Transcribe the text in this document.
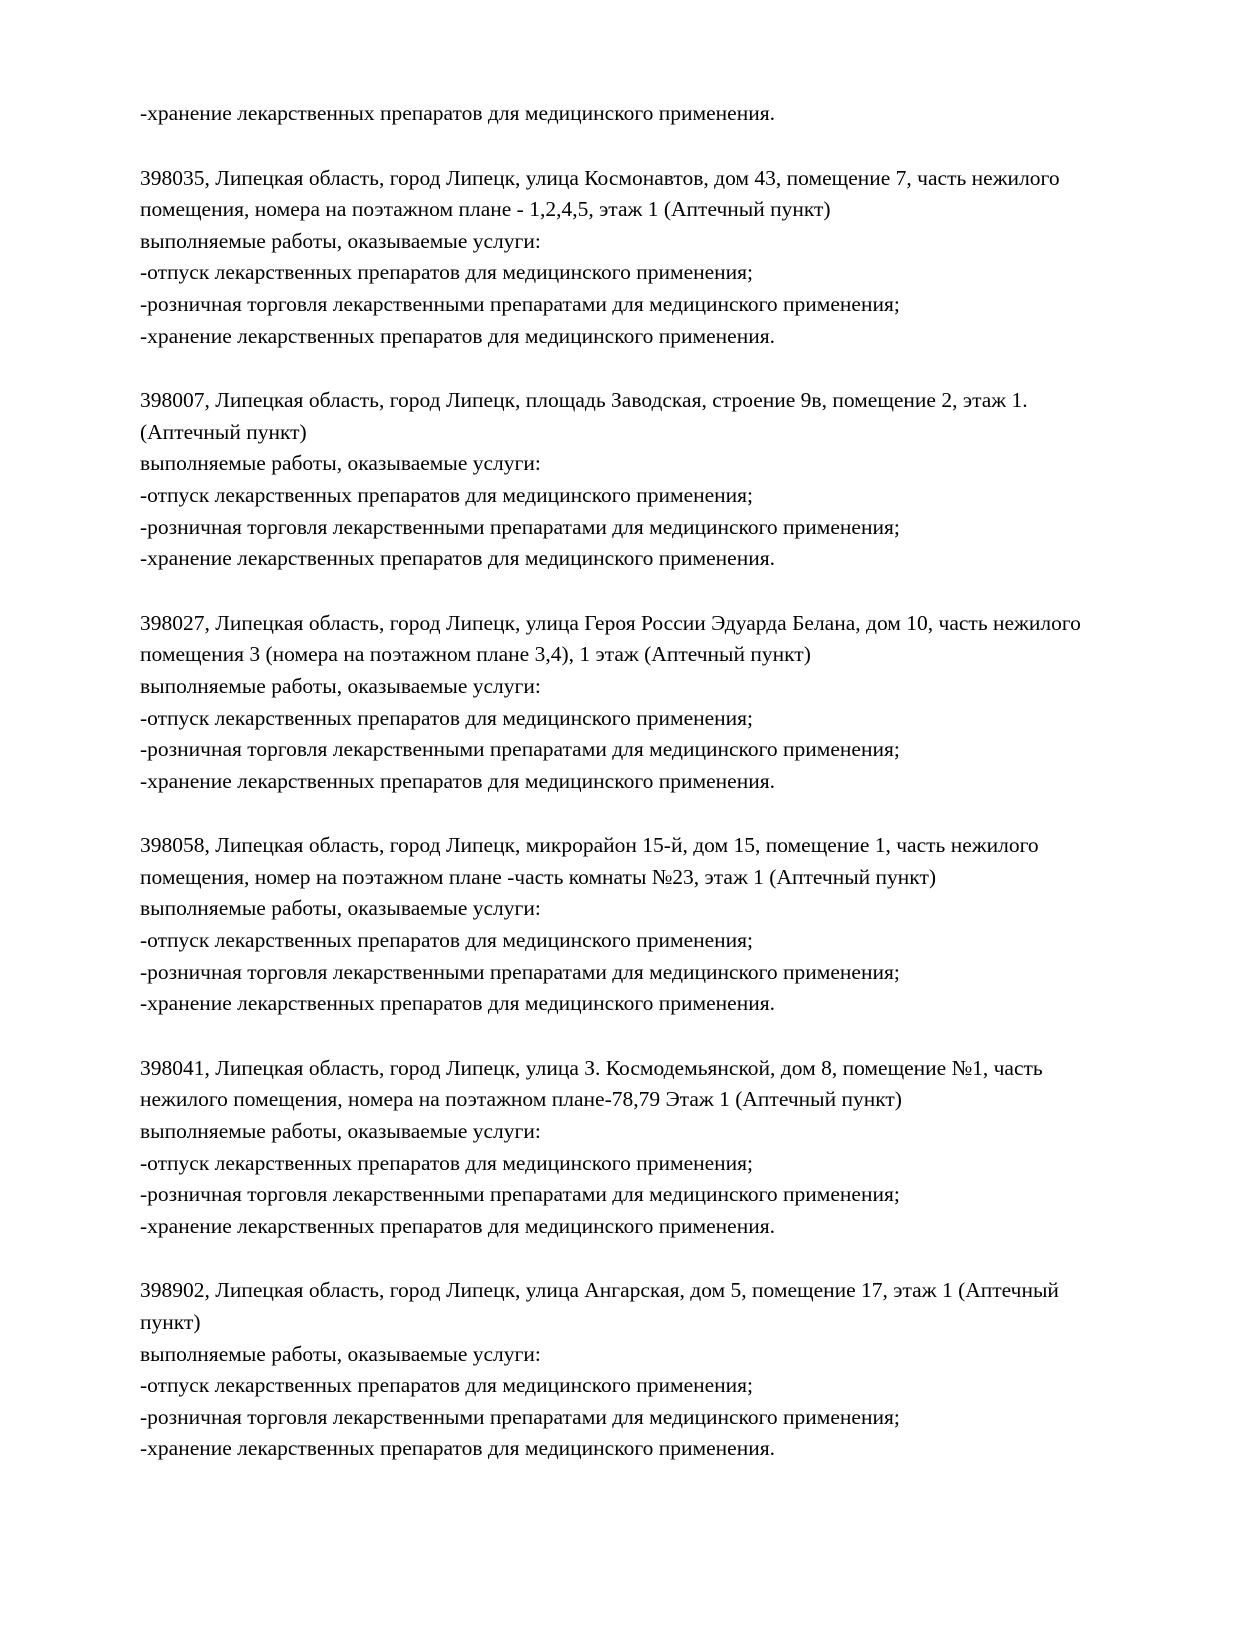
-хранение лекарственных препаратов для медицинского применения.

398035, Липецкая область, город Липецк, улица Космонавтов, дом 43, помещение 7, часть нежилого помещения, номера на поэтажном плане - 1,2,4,5, этаж 1 (Аптечный пункт)

выполняемые работы, оказываемые услуги:

-отпуск лекарственных препаратов для медицинского применения;

-розничная торговля лекарственными препаратами для медицинского применения;

-хранение лекарственных препаратов для медицинского применения.

398007, Липецкая область, город Липецк, площадь Заводская, строение 9в, помещение 2, этаж 1. (Аптечный пункт)

выполняемые работы, оказываемые услуги:

-отпуск лекарственных препаратов для медицинского применения;

-розничная торговля лекарственными препаратами для медицинского применения;

-хранение лекарственных препаратов для медицинского применения.

398027, Липецкая область, город Липецк, улица Героя России Эдуарда Белана, дом 10, часть нежилого помещения 3 (номера на поэтажном плане 3,4), 1 этаж (Аптечный пункт)

выполняемые работы, оказываемые услуги:

-отпуск лекарственных препаратов для медицинского применения;

-розничная торговля лекарственными препаратами для медицинского применения;

-хранение лекарственных препаратов для медицинского применения.

398058, Липецкая область, город Липецк, микрорайон 15-й, дом 15, помещение 1, часть нежилого помещения, номер на поэтажном плане -часть комнаты №23, этаж 1 (Аптечный пункт)

выполняемые работы, оказываемые услуги:

-отпуск лекарственных препаратов для медицинского применения;

-розничная торговля лекарственными препаратами для медицинского применения;

-хранение лекарственных препаратов для медицинского применения.

398041, Липецкая область, город Липецк, улица З. Космодемьянской, дом 8, помещение №1, часть нежилого помещения, номера на поэтажном плане-78,79 Этаж 1 (Аптечный пункт)

выполняемые работы, оказываемые услуги:

-отпуск лекарственных препаратов для медицинского применения;

-розничная торговля лекарственными препаратами для медицинского применения;

-хранение лекарственных препаратов для медицинского применения.

398902, Липецкая область, город Липецк, улица Ангарская, дом 5, помещение 17, этаж 1 (Аптечный пункт)

выполняемые работы, оказываемые услуги:

-отпуск лекарственных препаратов для медицинского применения;

-розничная торговля лекарственными препаратами для медицинского применения;

-хранение лекарственных препаратов для медицинского применения.
